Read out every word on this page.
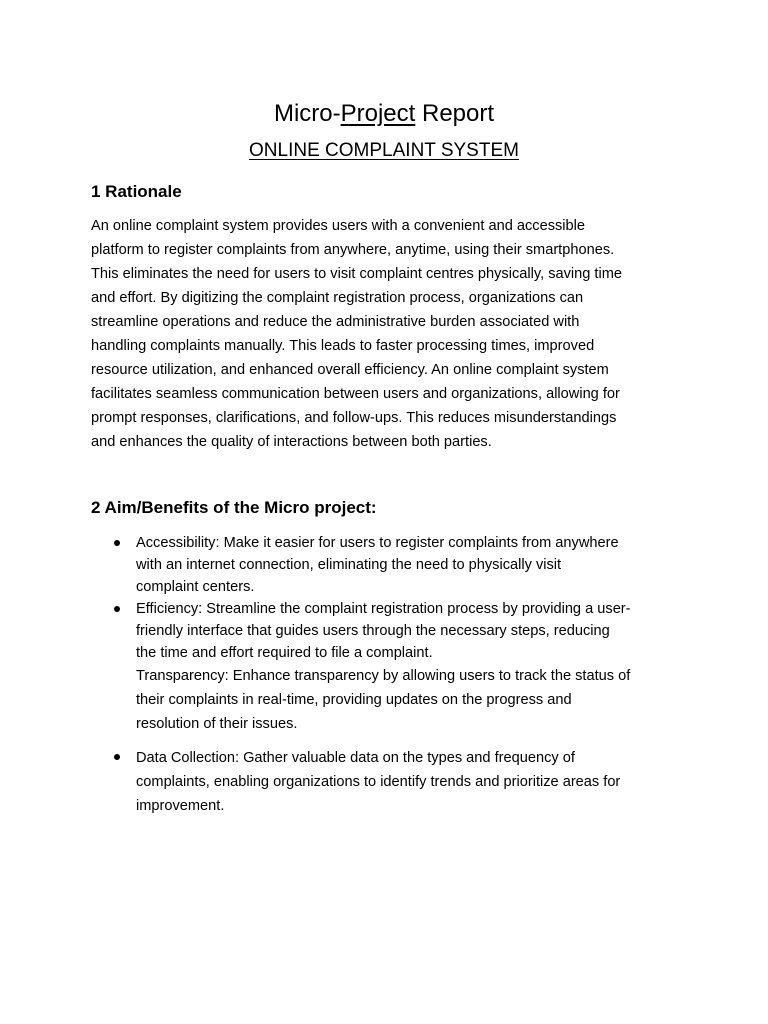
Micro-Project Report
ONLINE COMPLAINT SYSTEM
1 Rationale

An online complaint system provides users with a convenient and accessible
platform to register complaints from anywhere, anytime, using their smartphones.
This eliminates the need for users to visit complaint centres physically, saving time
and effort. By digitizing the complaint registration process, organizations can
streamline operations and reduce the administrative burden associated with
handling complaints manually. This leads to faster processing times, improved
resource utilization, and enhanced overall efficiency. An online complaint system
facilitates seamless communication between users and organizations, allowing for
prompt responses, clarifications, and follow-ups. This reduces misunderstandings
and enhances the quality of interactions between both parties.

2 Aim/Benefits of the Micro project:
Accessibility: Make it easier for users to register complaints from anywhere
with an internet connection, eliminating the need to physically visit
complaint centers.
Efficiency: Streamline the complaint registration process by providing a user-
friendly interface that guides users through the necessary steps, reducing
the time and effort required to file a complaint.
Transparency: Enhance transparency by allowing users to track the status of
their complaints in real-time, providing updates on the progress and
resolution of their issues.
Data Collection: Gather valuable data on the types and frequency of
complaints, enabling organizations to identify trends and prioritize areas for
improvement.
